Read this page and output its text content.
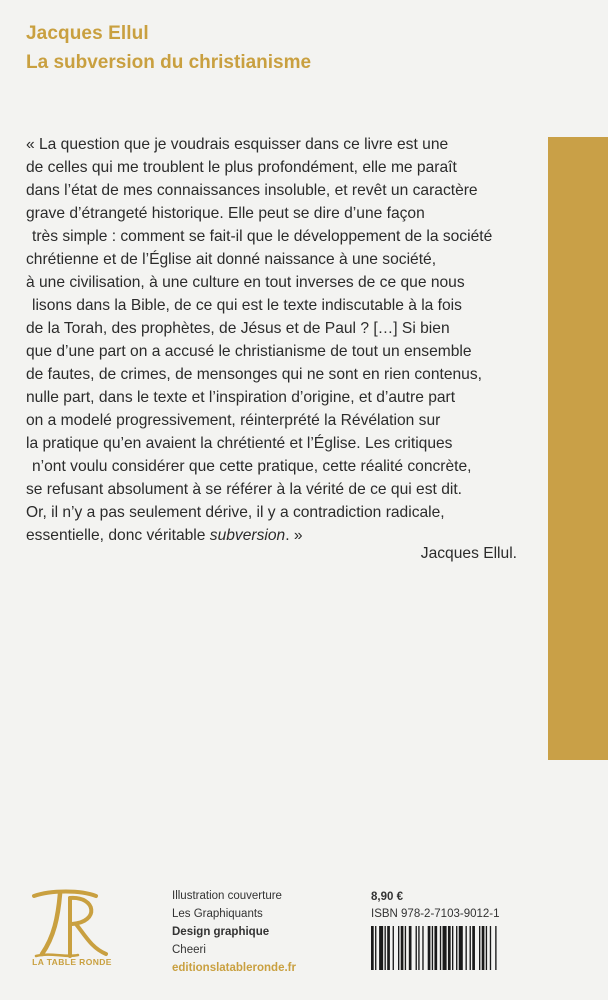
Jacques Ellul
La subversion du christianisme
« La question que je voudrais esquisser dans ce livre est une
de celles qui me troublent le plus profondément, elle me paraît
dans l’état de mes connaissances insoluble, et revêt un caractère
grave d’étrangeté historique. Elle peut se dire d’une façon
très simple : comment se fait-il que le développement de la société
chrétienne et de l’Église ait donné naissance à une société,
à une civilisation, à une culture en tout inverses de ce que nous
lisons dans la Bible, de ce qui est le texte indiscutable à la fois
de la Torah, des prophètes, de Jésus et de Paul ? […] Si bien
que d’une part on a accusé le christianisme de tout un ensemble
de fautes, de crimes, de mensonges qui ne sont en rien contenus,
nulle part, dans le texte et l’inspiration d’origine, et d’autre part
on a modelé progressivement, réinterprété la Révélation sur
la pratique qu’en avaient la chrétienté et l’Église. Les critiques
n’ont voulu considérer que cette pratique, cette réalité concrète,
se refusant absolument à se référer à la vérité de ce qui est dit.
Or, il n’y a pas seulement dérive, il y a contradiction radicale,
essentielle, donc véritable subversion. »
Jacques Ellul.
LA TABLE RONDE
Illustration couverture
Les Graphiquants
Design graphique
Cheeri
editionslatableronde.fr
8,90 €
ISBN 978-2-7103-9012-1
